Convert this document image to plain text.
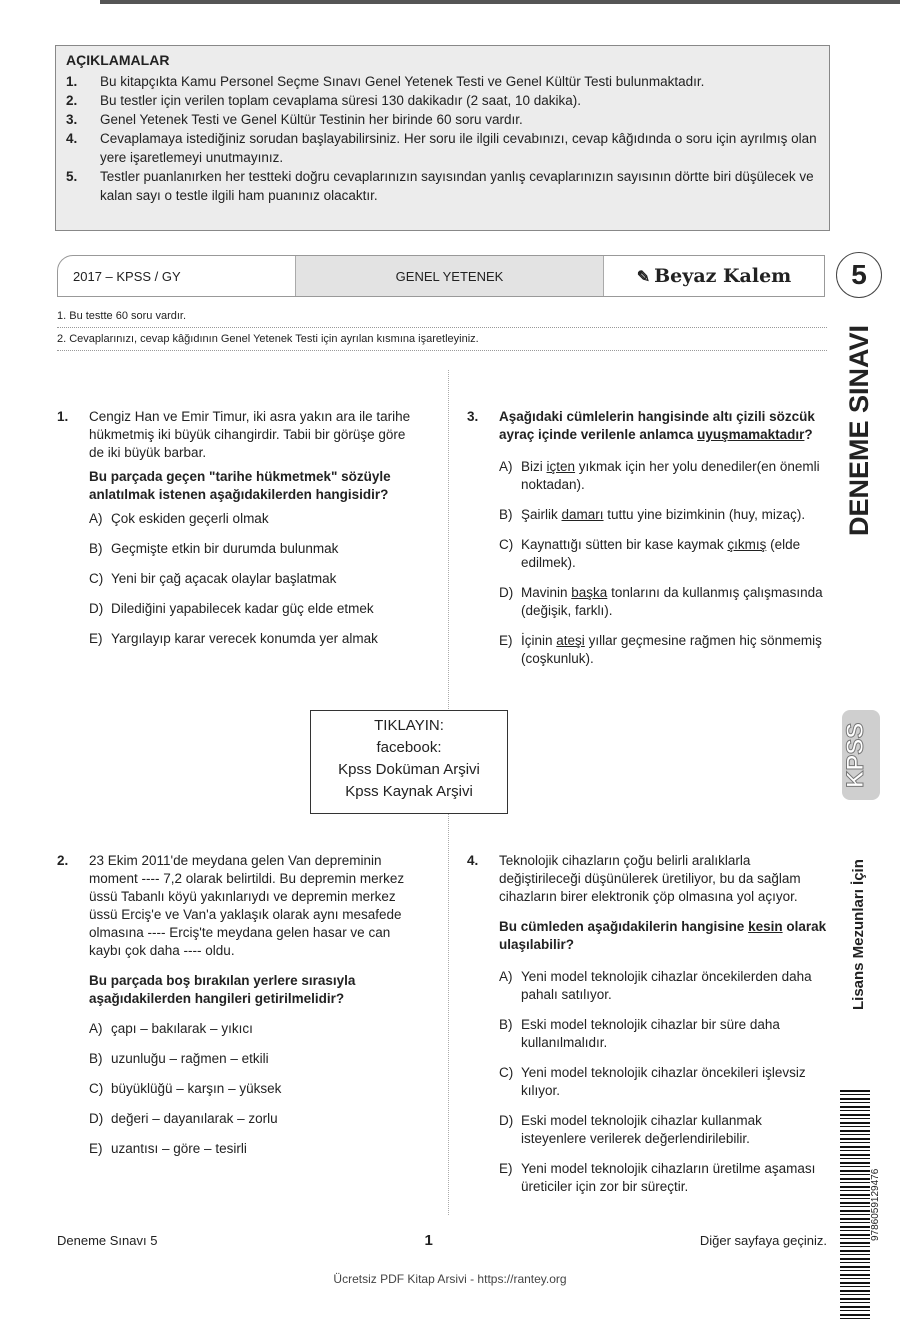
AÇIKLAMALAR
1.	Bu kitapçıkta Kamu Personel Seçme Sınavı Genel Yetenek Testi ve Genel Kültür Testi bulunmaktadır.
2.	Bu testler için verilen toplam cevaplama süresi 130 dakikadır (2 saat, 10 dakika).
3.	Genel Yetenek Testi ve Genel Kültür Testinin her birinde 60 soru vardır.
4.	Cevaplamaya istediğiniz sorudan başlayabilirsiniz. Her soru ile ilgili cevabınızı, cevap kâğıdında o soru için ayrılmış olan yere işaretlemeyi unutmayınız.
5.	Testler puanlanırken her testteki doğru cevaplarınızın sayısından yanlış cevaplarınızın sayısının dörtte biri düşülecek ve kalan sayı o testle ilgili ham puanınız olacaktır.
2017 – KPSS / GY	GENEL YETENEK	✎ Beyaz Kalem	5
1. Bu testte 60 soru vardır.
2. Cevaplarınızı, cevap kâğıdının Genel Yetenek Testi için ayrılan kısmına işaretleyiniz.	DENEME SINAVI
KPSS
Lisans Mezunları İçin
9786059129476
1. Cengiz Han ve Emir Timur, iki asra yakın ara ile tarihe hükmetmiş iki büyük cihangirdir. Tabii bir görüşe göre de iki büyük barbar.

Bu parçada geçen "tarihe hükmetmek" sözüyle anlatılmak istenen aşağıdakilerden hangisidir?

A) Çok eskiden geçerli olmak
B) Geçmişte etkin bir durumda bulunmak
C) Yeni bir çağ açacak olaylar başlatmak
D) Dilediğini yapabilecek kadar güç elde etmek
E) Yargılayıp karar verecek konumda yer almak
3. Aşağıdaki cümlelerin hangisinde altı çizili sözcük ayraç içinde verilenle anlamca uyuşmamaktadır?

A) Bizi içten yıkmak için her yolu denediler(en önemli noktadan).
B) Şairlik damarı tuttu yine bizimkinin (huy, mizaç).
C) Kaynattığı sütten bir kase kaymak çıkmış (elde edilmek).
D) Mavinin başka tonlarını da kullanmış çalışmasında (değişik, farklı).
E) İçinin ateşi yıllar geçmesine rağmen hiç sönmemiş (coşkunluk).
TIKLAYIN:
facebook:
Kpss Doküman Arşivi
Kpss Kaynak Arşivi
2. 23 Ekim 2011'de meydana gelen Van depreminin moment ---- 7,2 olarak belirtildi. Bu depremin merkez üssü Tabanlı köyü yakınlarıydı ve depremin merkez üssü Erciş'e ve Van'a yaklaşık olarak aynı mesafede olmasına ---- Erciş'te meydana gelen hasar ve can kaybı çok daha ---- oldu.

Bu parçada boş bırakılan yerlere sırasıyla aşağıdakilerden hangileri getirilmelidir?

A) çapı – bakılarak – yıkıcı
B) uzunluğu – rağmen – etkili
C) büyüklüğü – karşın – yüksek
D) değeri – dayanılarak – zorlu
E) uzantısı – göre – tesirli
4. Teknolojik cihazların çoğu belirli aralıklarla değiştirileceği düşünülerek üretiliyor, bu da sağlam cihazların birer elektronik çöp olmasına yol açıyor.

Bu cümleden aşağıdakilerin hangisine kesin olarak ulaşılabilir?

A) Yeni model teknolojik cihazlar öncekilerden daha pahalı satılıyor.
B) Eski model teknolojik cihazlar bir süre daha kullanılmalıdır.
C) Yeni model teknolojik cihazlar öncekileri işlevsiz kılıyor.
D) Eski model teknolojik cihazlar kullanmak isteyenlere verilerek değerlendirilebilir.
E) Yeni model teknolojik cihazların üretilme aşaması üreticiler için zor bir süreçtir.
Deneme Sınavı 5	1	Diğer sayfaya geçiniz.
Ücretsiz PDF Kitap Arsivi - https://rantey.org
